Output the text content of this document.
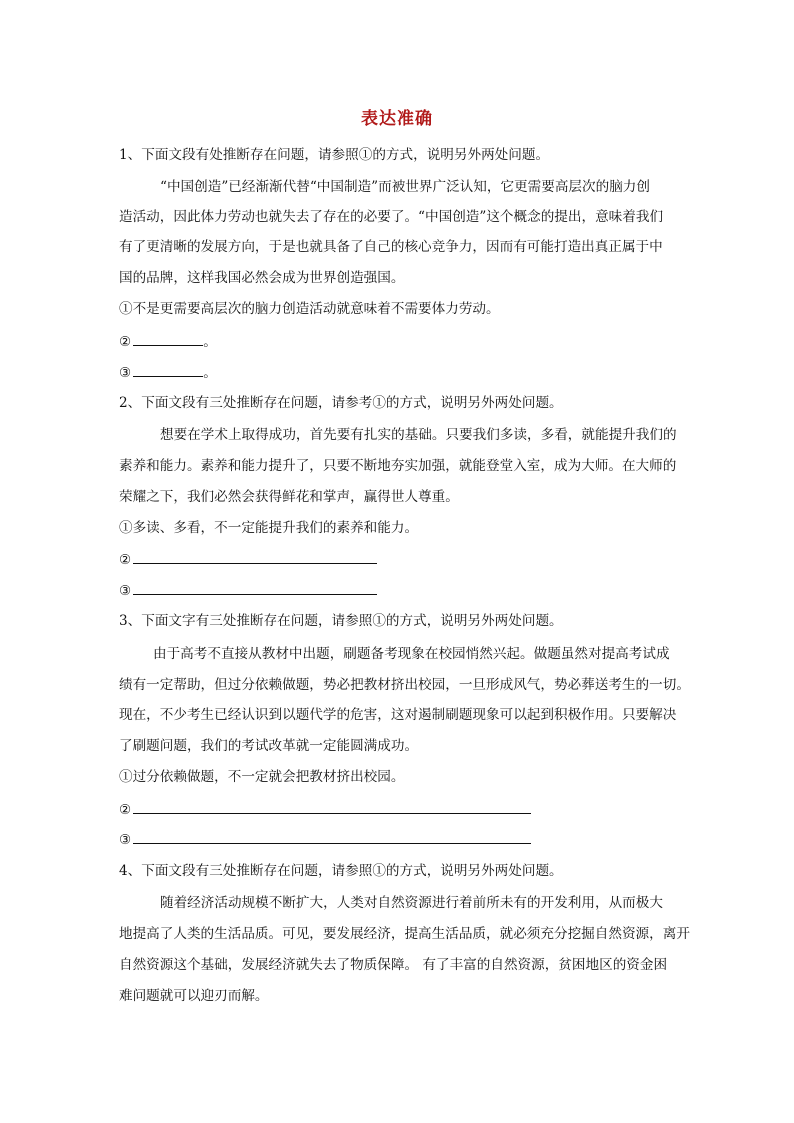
表达准确
1、下面文段有处推断存在问题，请参照①的方式，说明另外两处问题。
“中国创造”已经渐渐代替“中国制造”而被世界广泛认知，它更需要高层次的脑力创
造活动，因此体力劳动也就失去了存在的必要了。“中国创造”这个概念的提出，意味着我们
有了更清晰的发展方向，于是也就具备了自己的核心竞争力，因而有可能打造出真正属于中
国的品牌，这样我国必然会成为世界创造强国。
①不是更需要高层次的脑力创造活动就意味着不需要体力劳动。
②	。
③	。
2、下面文段有三处推断存在问题，请参考①的方式，说明另外两处问题。
想要在学术上取得成功，首先要有扎实的基础。只要我们多读，多看，就能提升我们的
素养和能力。素养和能力提升了，只要不断地夯实加强，就能登堂入室，成为大师。在大师的
荣耀之下，我们必然会获得鲜花和掌声，赢得世人尊重。
①多读、多看，不一定能提升我们的素养和能力。
②
③
3、下面文字有三处推断存在问题，请参照①的方式，说明另外两处问题。
由于高考不直接从教材中出题，刷题备考现象在校园悄然兴起。做题虽然对提高考试成
绩有一定帮助，但过分依赖做题，势必把教材挤出校园，一旦形成风气，势必葬送考生的一切。
现在，不少考生已经认识到以题代学的危害，这对遏制刷题现象可以起到积极作用。只要解决
了刷题问题，我们的考试改革就一定能圆满成功。
①过分依赖做题，不一定就会把教材挤出校园。
②
③
4、下面文段有三处推断存在问题，请参照①的方式，说明另外两处问题。
随着经济活动规模不断扩大，人类对自然资源进行着前所未有的开发利用，从而极大
地提高了人类的生活品质。可见，要发展经济，提高生活品质，就必须充分挖掘自然资源，离开
自然资源这个基础，发展经济就失去了物质保障。 有了丰富的自然资源，贫困地区的资金困
难问题就可以迎刃而解。
